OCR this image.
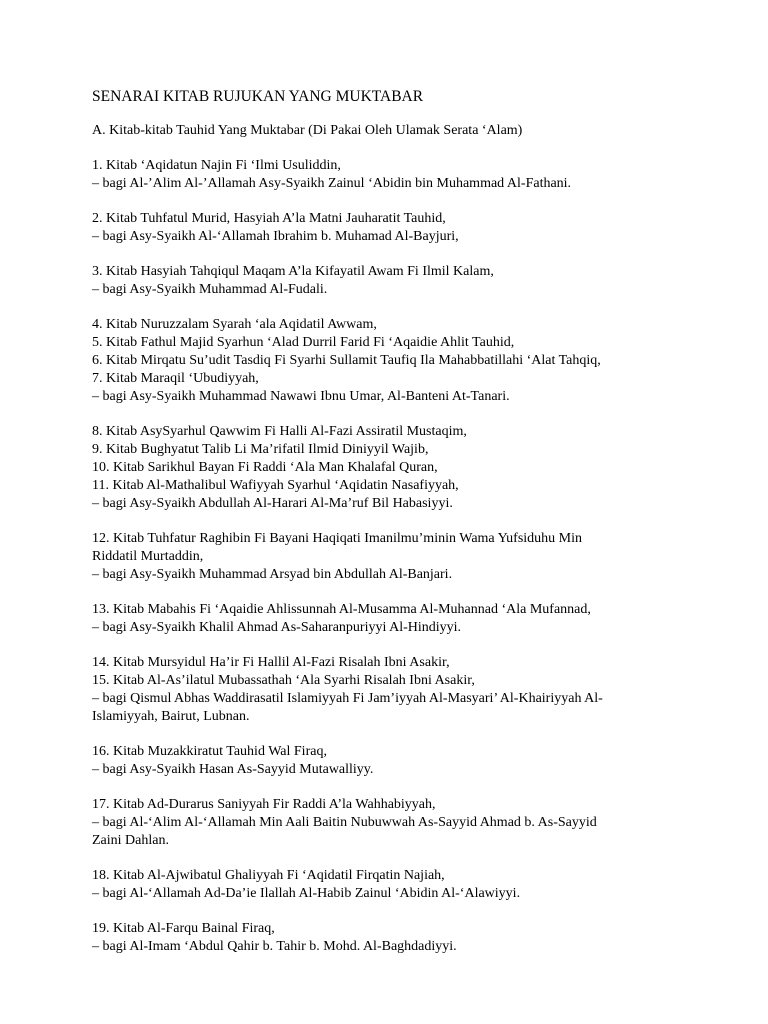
SENARAI KITAB RUJUKAN YANG MUKTABAR
A. Kitab-kitab Tauhid Yang Muktabar (Di Pakai Oleh Ulamak Serata ‘Alam)
1. Kitab ‘Aqidatun Najin Fi ‘Ilmi Usuliddin,
– bagi Al-’Alim Al-’Allamah Asy-Syaikh Zainul ‘Abidin bin Muhammad Al-Fathani.
2. Kitab Tuhfatul Murid, Hasyiah A’la Matni Jauharatit Tauhid,
– bagi Asy-Syaikh Al-‘Allamah Ibrahim b. Muhamad Al-Bayjuri,
3. Kitab Hasyiah Tahqiqul Maqam A’la Kifayatil Awam Fi Ilmil Kalam,
– bagi Asy-Syaikh Muhammad Al-Fudali.
4. Kitab Nuruzzalam Syarah ‘ala Aqidatil Awwam,
5. Kitab Fathul Majid Syarhun ‘Alad Durril Farid Fi ‘Aqaidie Ahlit Tauhid,
6. Kitab Mirqatu Su’udit Tasdiq Fi Syarhi Sullamit Taufiq Ila Mahabbatillahi ‘Alat Tahqiq,
7. Kitab Maraqil ‘Ubudiyyah,
– bagi Asy-Syaikh Muhammad Nawawi Ibnu Umar, Al-Banteni At-Tanari.
8. Kitab AsySyarhul Qawwim Fi Halli Al-Fazi Assiratil Mustaqim,
9. Kitab Bughyatut Talib Li Ma’rifatil Ilmid Diniyyil Wajib,
10. Kitab Sarikhul Bayan Fi Raddi ‘Ala Man Khalafal Quran,
11. Kitab Al-Mathalibul Wafiyyah Syarhul ‘Aqidatin Nasafiyyah,
– bagi Asy-Syaikh Abdullah Al-Harari Al-Ma’ruf Bil Habasiyyi.
12. Kitab Tuhfatur Raghibin Fi Bayani Haqiqati Imanilmu’minin Wama Yufsiduhu Min
Riddatil Murtaddin,
– bagi Asy-Syaikh Muhammad Arsyad bin Abdullah Al-Banjari.
13. Kitab Mabahis Fi ‘Aqaidie Ahlissunnah Al-Musamma Al-Muhannad ‘Ala Mufannad,
– bagi Asy-Syaikh Khalil Ahmad As-Saharanpuriyyi Al-Hindiyyi.
14. Kitab Mursyidul Ha’ir Fi Hallil Al-Fazi Risalah Ibni Asakir,
15. Kitab Al-As’ilatul Mubassathah ‘Ala Syarhi Risalah Ibni Asakir,
– bagi Qismul Abhas Waddirasatil Islamiyyah Fi Jam’iyyah Al-Masyari’ Al-Khairiyyah Al-
Islamiyyah, Bairut, Lubnan.
16. Kitab Muzakkiratut Tauhid Wal Firaq,
– bagi Asy-Syaikh Hasan As-Sayyid Mutawalliyy.
17. Kitab Ad-Durarus Saniyyah Fir Raddi A’la Wahhabiyyah,
– bagi Al-‘Alim Al-‘Allamah Min Aali Baitin Nubuwwah As-Sayyid Ahmad b. As-Sayyid
Zaini Dahlan.
18. Kitab Al-Ajwibatul Ghaliyyah Fi ‘Aqidatil Firqatin Najiah,
– bagi Al-‘Allamah Ad-Da’ie Ilallah Al-Habib Zainul ‘Abidin Al-‘Alawiyyi.
19. Kitab Al-Farqu Bainal Firaq,
– bagi Al-Imam ‘Abdul Qahir b. Tahir b. Mohd. Al-Baghdadiyyi.
